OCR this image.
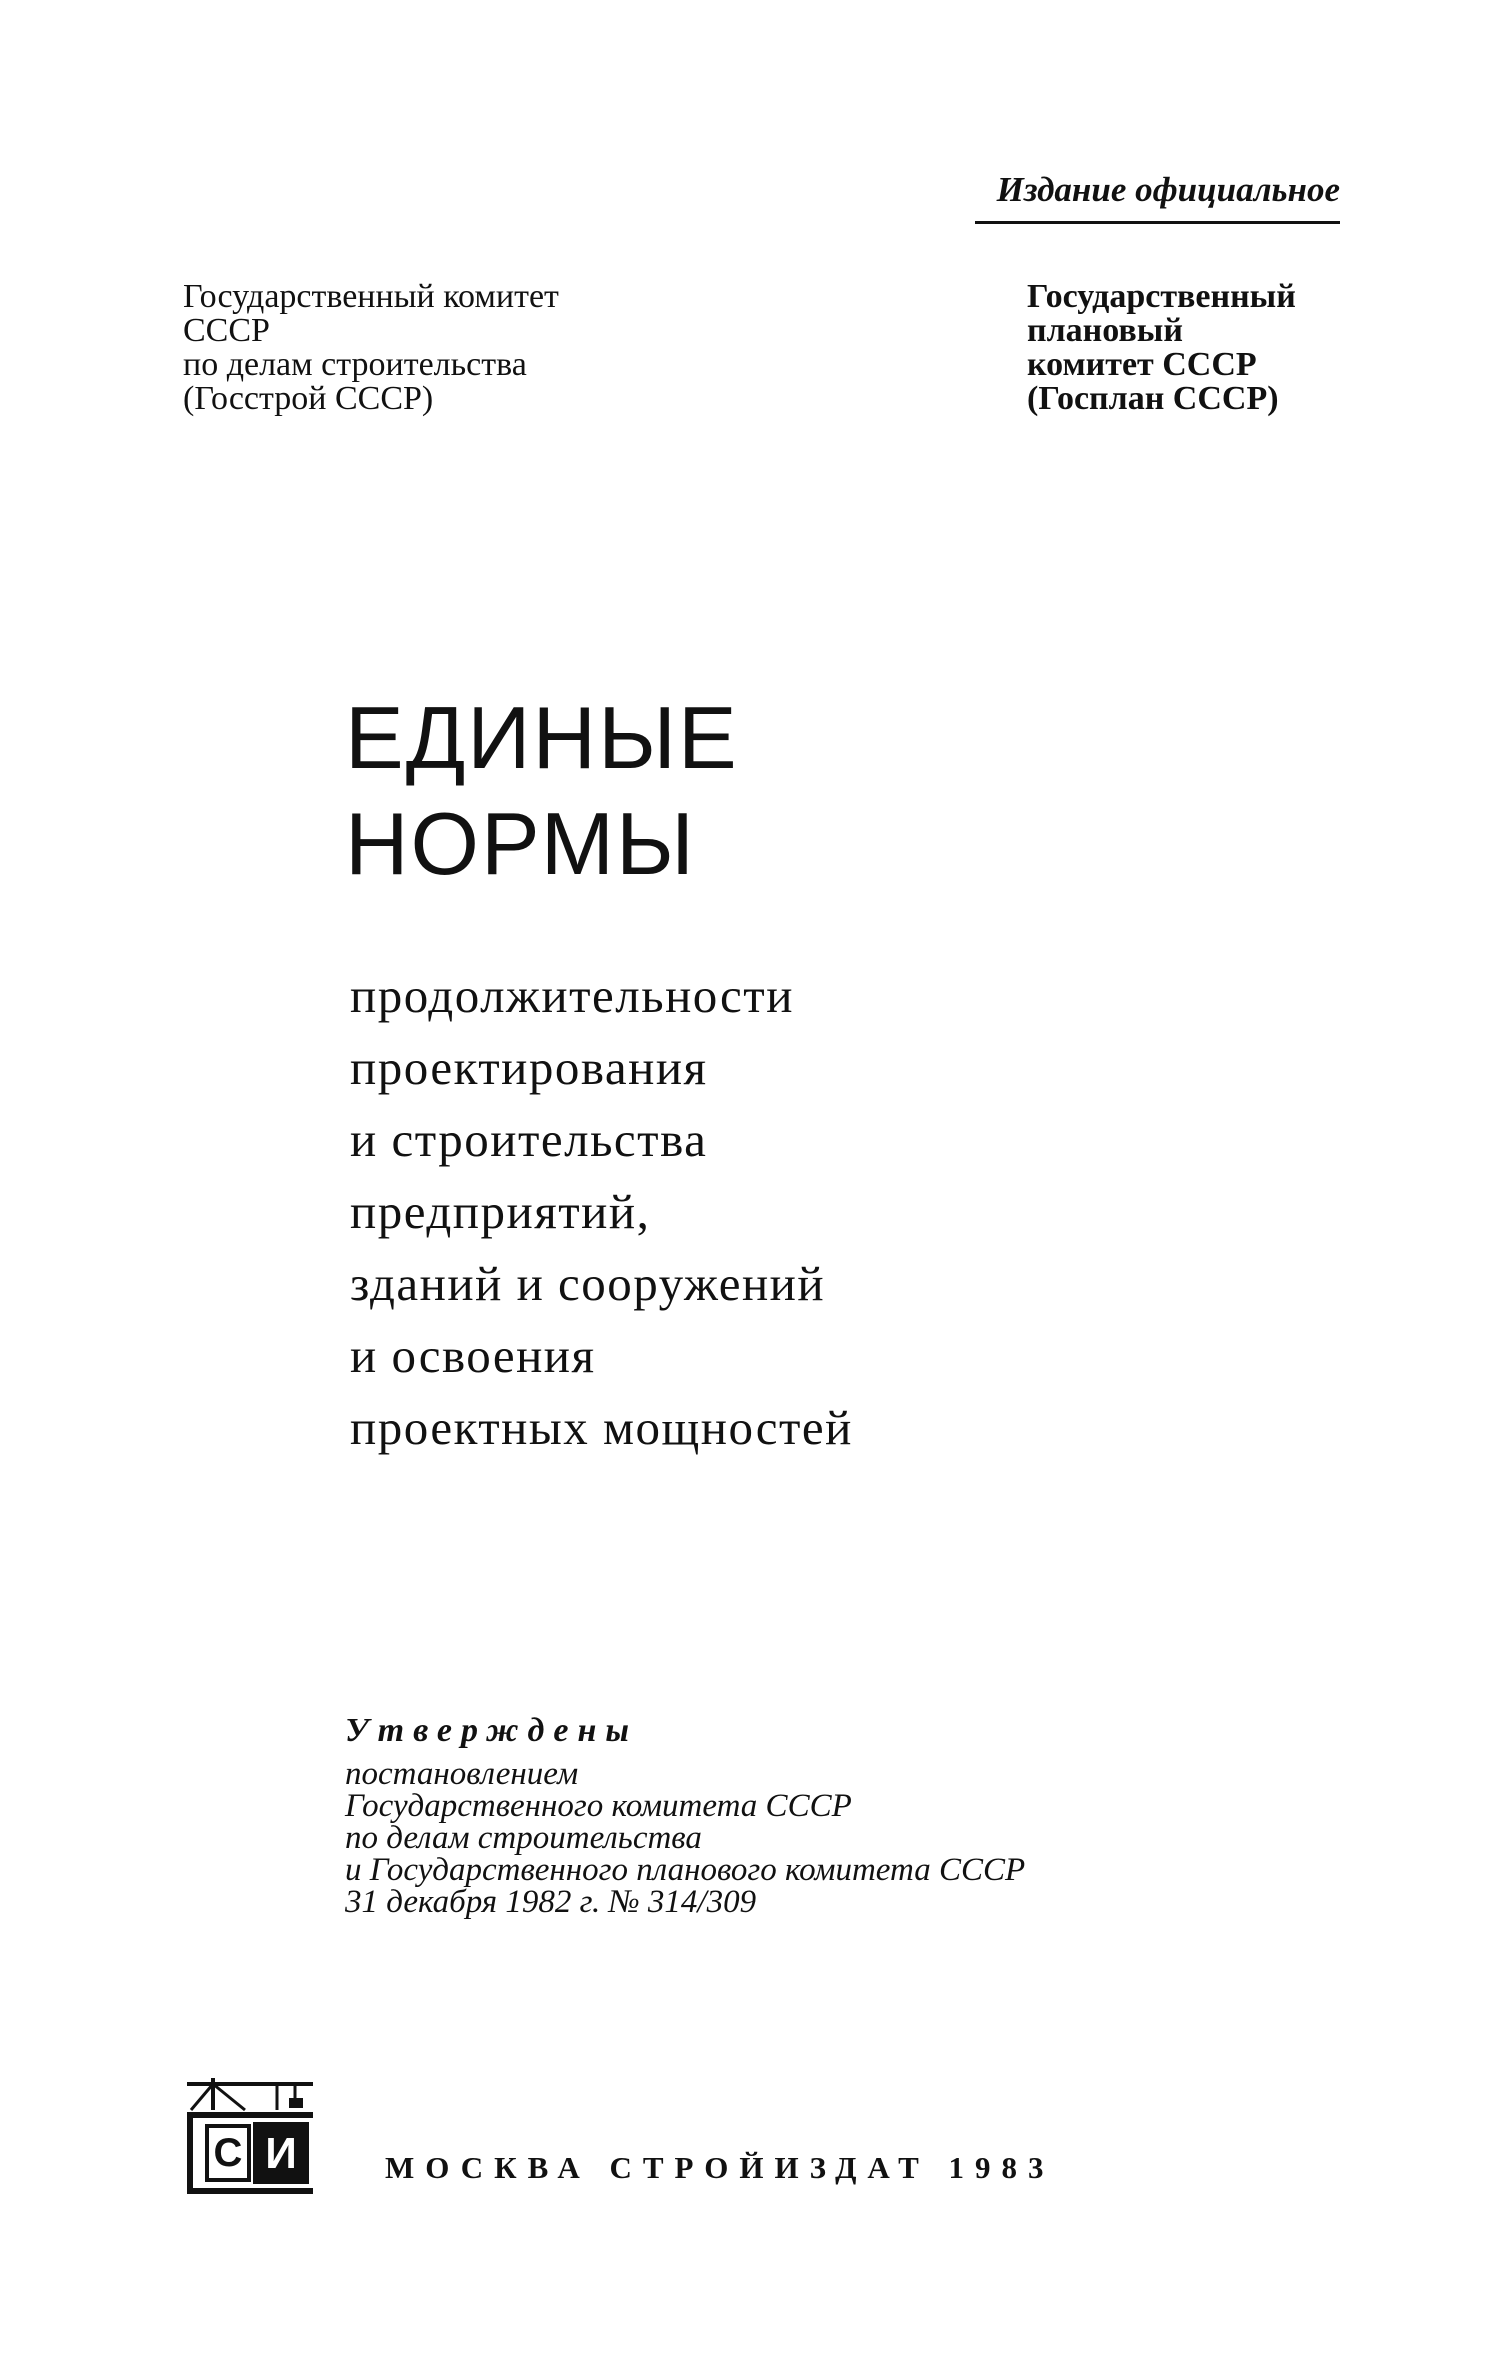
Издание официальное
Государственный комитет
СССР
по делам строительства
(Госстрой СССР)
Государственный
плановый
комитет СССР
(Госплан СССР)
ЕДИНЫЕ
НОРМЫ
продолжительности
проектирования
и строительства
предприятий,
зданий и сооружений
и освоения
проектных мощностей
Утверждены
постановлением
Государственного комитета СССР
по делам строительства
и Государственного планового комитета СССР
31 декабря 1982 г. № 314/309
С И	МОСКВА СТРОЙИЗДАТ 1983
